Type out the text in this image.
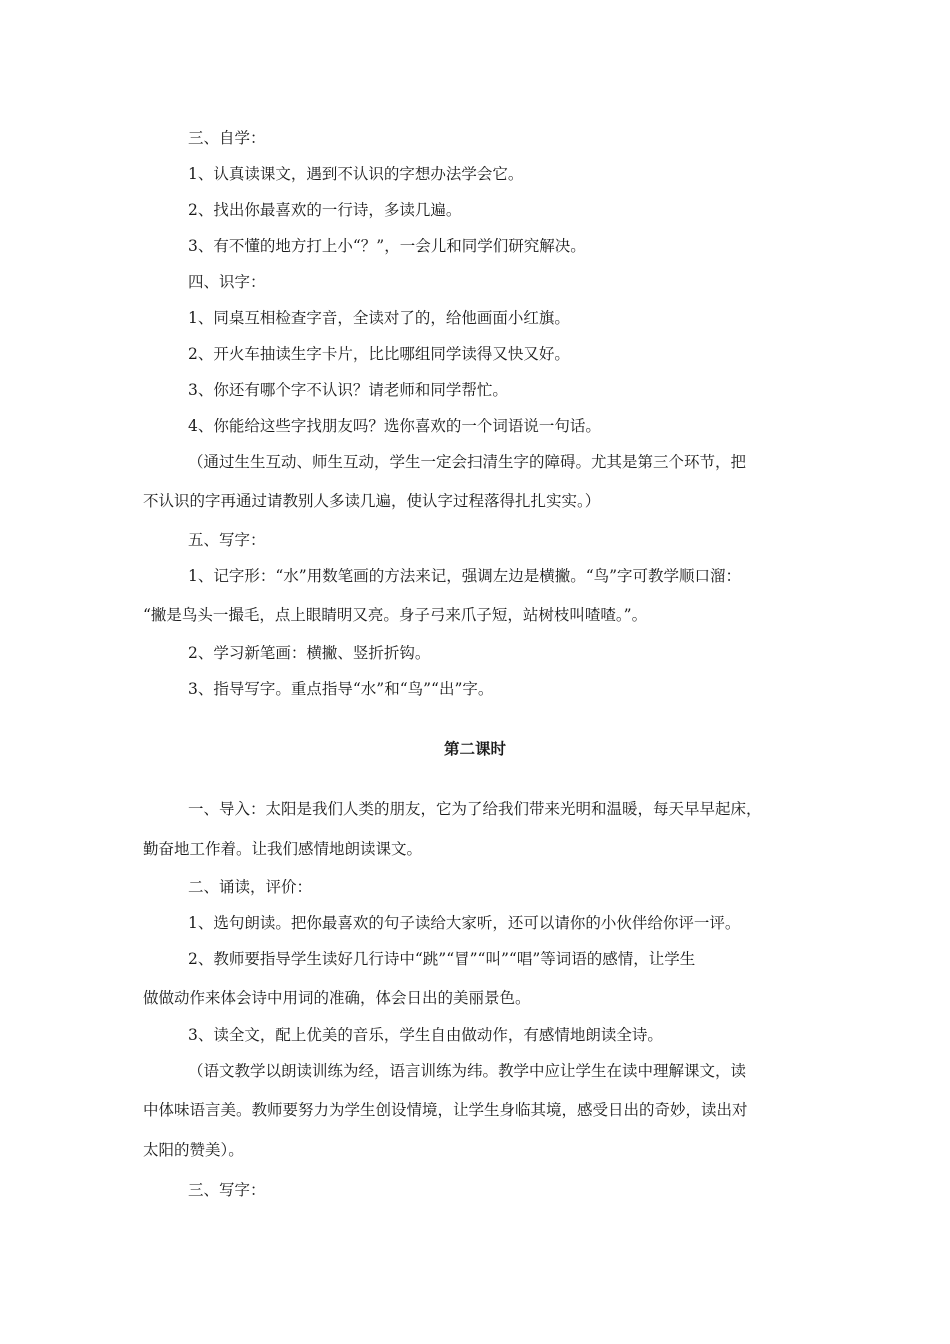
三、自学：
1、认真读课文，遇到不认识的字想办法学会它。
2、找出你最喜欢的一行诗，多读几遍。
3、有不懂的地方打上小“？”，一会儿和同学们研究解决。
四、识字：
1、同桌互相检查字音，全读对了的，给他画面小红旗。
2、开火车抽读生字卡片，比比哪组同学读得又快又好。
3、你还有哪个字不认识？请老师和同学帮忙。
4、你能给这些字找朋友吗？选你喜欢的一个词语说一句话。
（通过生生互动、师生互动，学生一定会扫清生字的障碍。尤其是第三个环节，把
不认识的字再通过请教别人多读几遍，使认字过程落得扎扎实实。）
五、写字：
1、记字形：“水”用数笔画的方法来记，强调左边是横撇。“鸟”字可教学顺口溜：
“撇是鸟头一撮毛，点上眼睛明又亮。身子弓来爪子短，站树枝叫喳喳。”。
2、学习新笔画：横撇、竖折折钩。
3、指导写字。重点指导“水”和“鸟”“出”字。
第二课时
一、导入：太阳是我们人类的朋友，它为了给我们带来光明和温暖，每天早早起床，
勤奋地工作着。让我们感情地朗读课文。
二、诵读，评价：
1、选句朗读。把你最喜欢的句子读给大家听，还可以请你的小伙伴给你评一评。
2、教师要指导学生读好几行诗中“跳”“冒”“叫”“唱”等词语的感情，让学生
做做动作来体会诗中用词的准确，体会日出的美丽景色。
3、读全文，配上优美的音乐，学生自由做动作，有感情地朗读全诗。
（语文教学以朗读训练为经，语言训练为纬。教学中应让学生在读中理解课文，读
中体味语言美。教师要努力为学生创设情境，让学生身临其境，感受日出的奇妙，读出对
太阳的赞美）。
三、写字：
